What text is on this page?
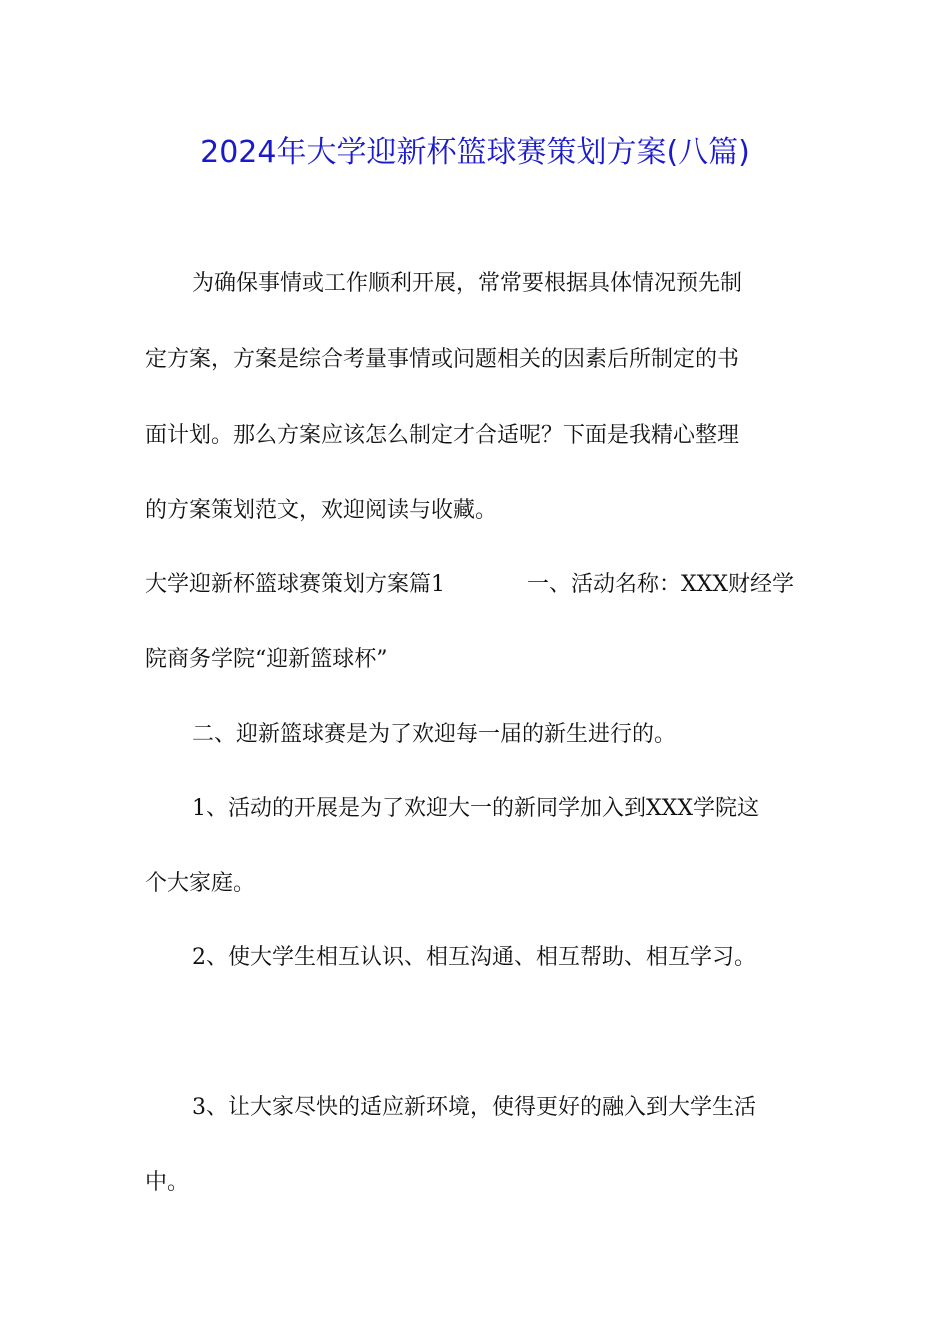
2024年大学迎新杯篮球赛策划方案(八篇)
为确保事情或工作顺利开展，常常要根据具体情况预先制
定方案，方案是综合考量事情或问题相关的因素后所制定的书
面计划。那么方案应该怎么制定才合适呢？下面是我精心整理
的方案策划范文，欢迎阅读与收藏。
大学迎新杯篮球赛策划方案篇1	一、活动名称：XXX财经学
院商务学院“迎新篮球杯”
二、迎新篮球赛是为了欢迎每一届的新生进行的。
1、活动的开展是为了欢迎大一的新同学加入到XXX学院这
个大家庭。
2、使大学生相互认识、相互沟通、相互帮助、相互学习。
3、让大家尽快的适应新环境，使得更好的融入到大学生活
中。
